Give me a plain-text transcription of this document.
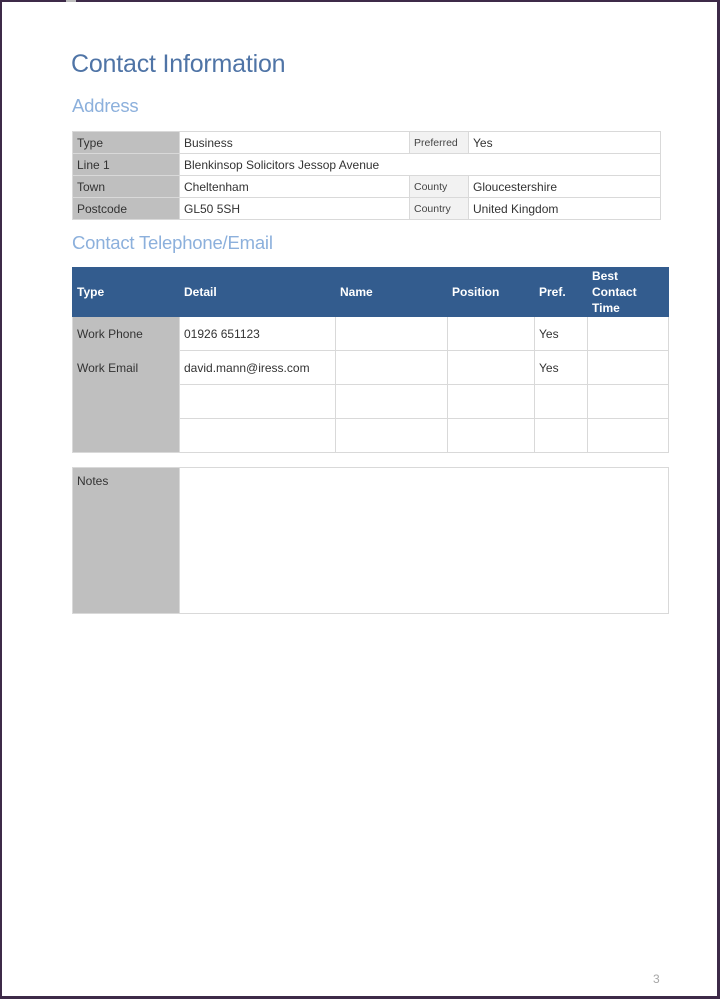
Contact Information
Address
Type	Business	Preferred	Yes
Line 1	Blenkinsop Solicitors Jessop Avenue		
Town	Cheltenham	County	Gloucestershire
Postcode	GL50 5SH	Country	United Kingdom
Contact Telephone/Email
Type	Detail	Name	Position	Pref.	Best Contact Time
Work Phone	01926 651123			Yes	
Work Email	david.mann@iress.com			Yes	

Notes	
3
